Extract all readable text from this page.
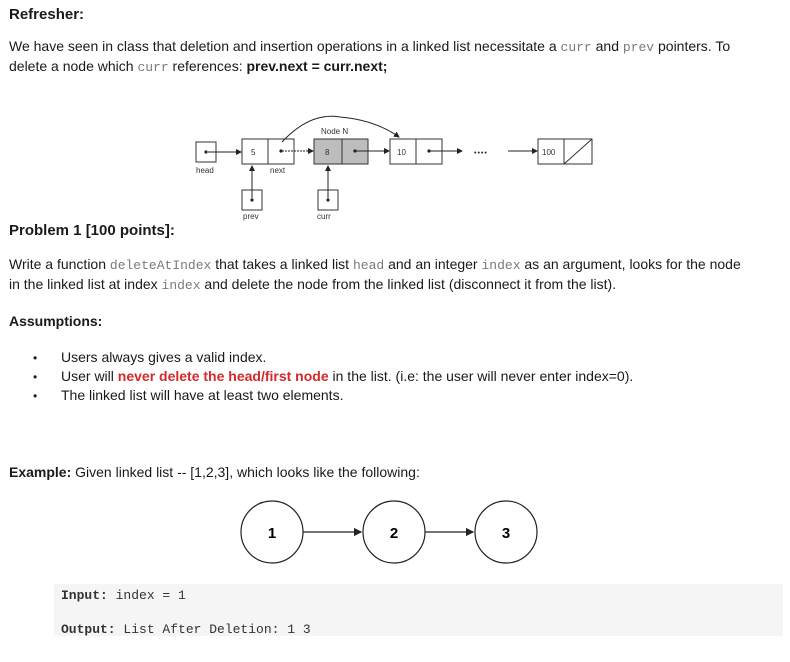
Refresher:
We have seen in class that deletion and insertion operations in a linked list necessitate a curr and prev pointers. To
delete a node which curr references: prev.next = curr.next;
Node N
5	8	10	100
••••
head	next
prev	curr
Problem 1 [100 points]:
Write a function deleteAtIndex that takes a linked list head and an integer index as an argument, looks for the node
in the linked list at index index and delete the node from the linked list (disconnect it from the list).
Assumptions:
• Users always gives a valid index.
• User will never delete the head/first node in the list. (i.e: the user will never enter index=0).
• The linked list will have at least two elements.
Example: Given linked list -- [1,2,3], which looks like the following:
1	2	3
Input: index = 1
Output: List After Deletion: 1 3
